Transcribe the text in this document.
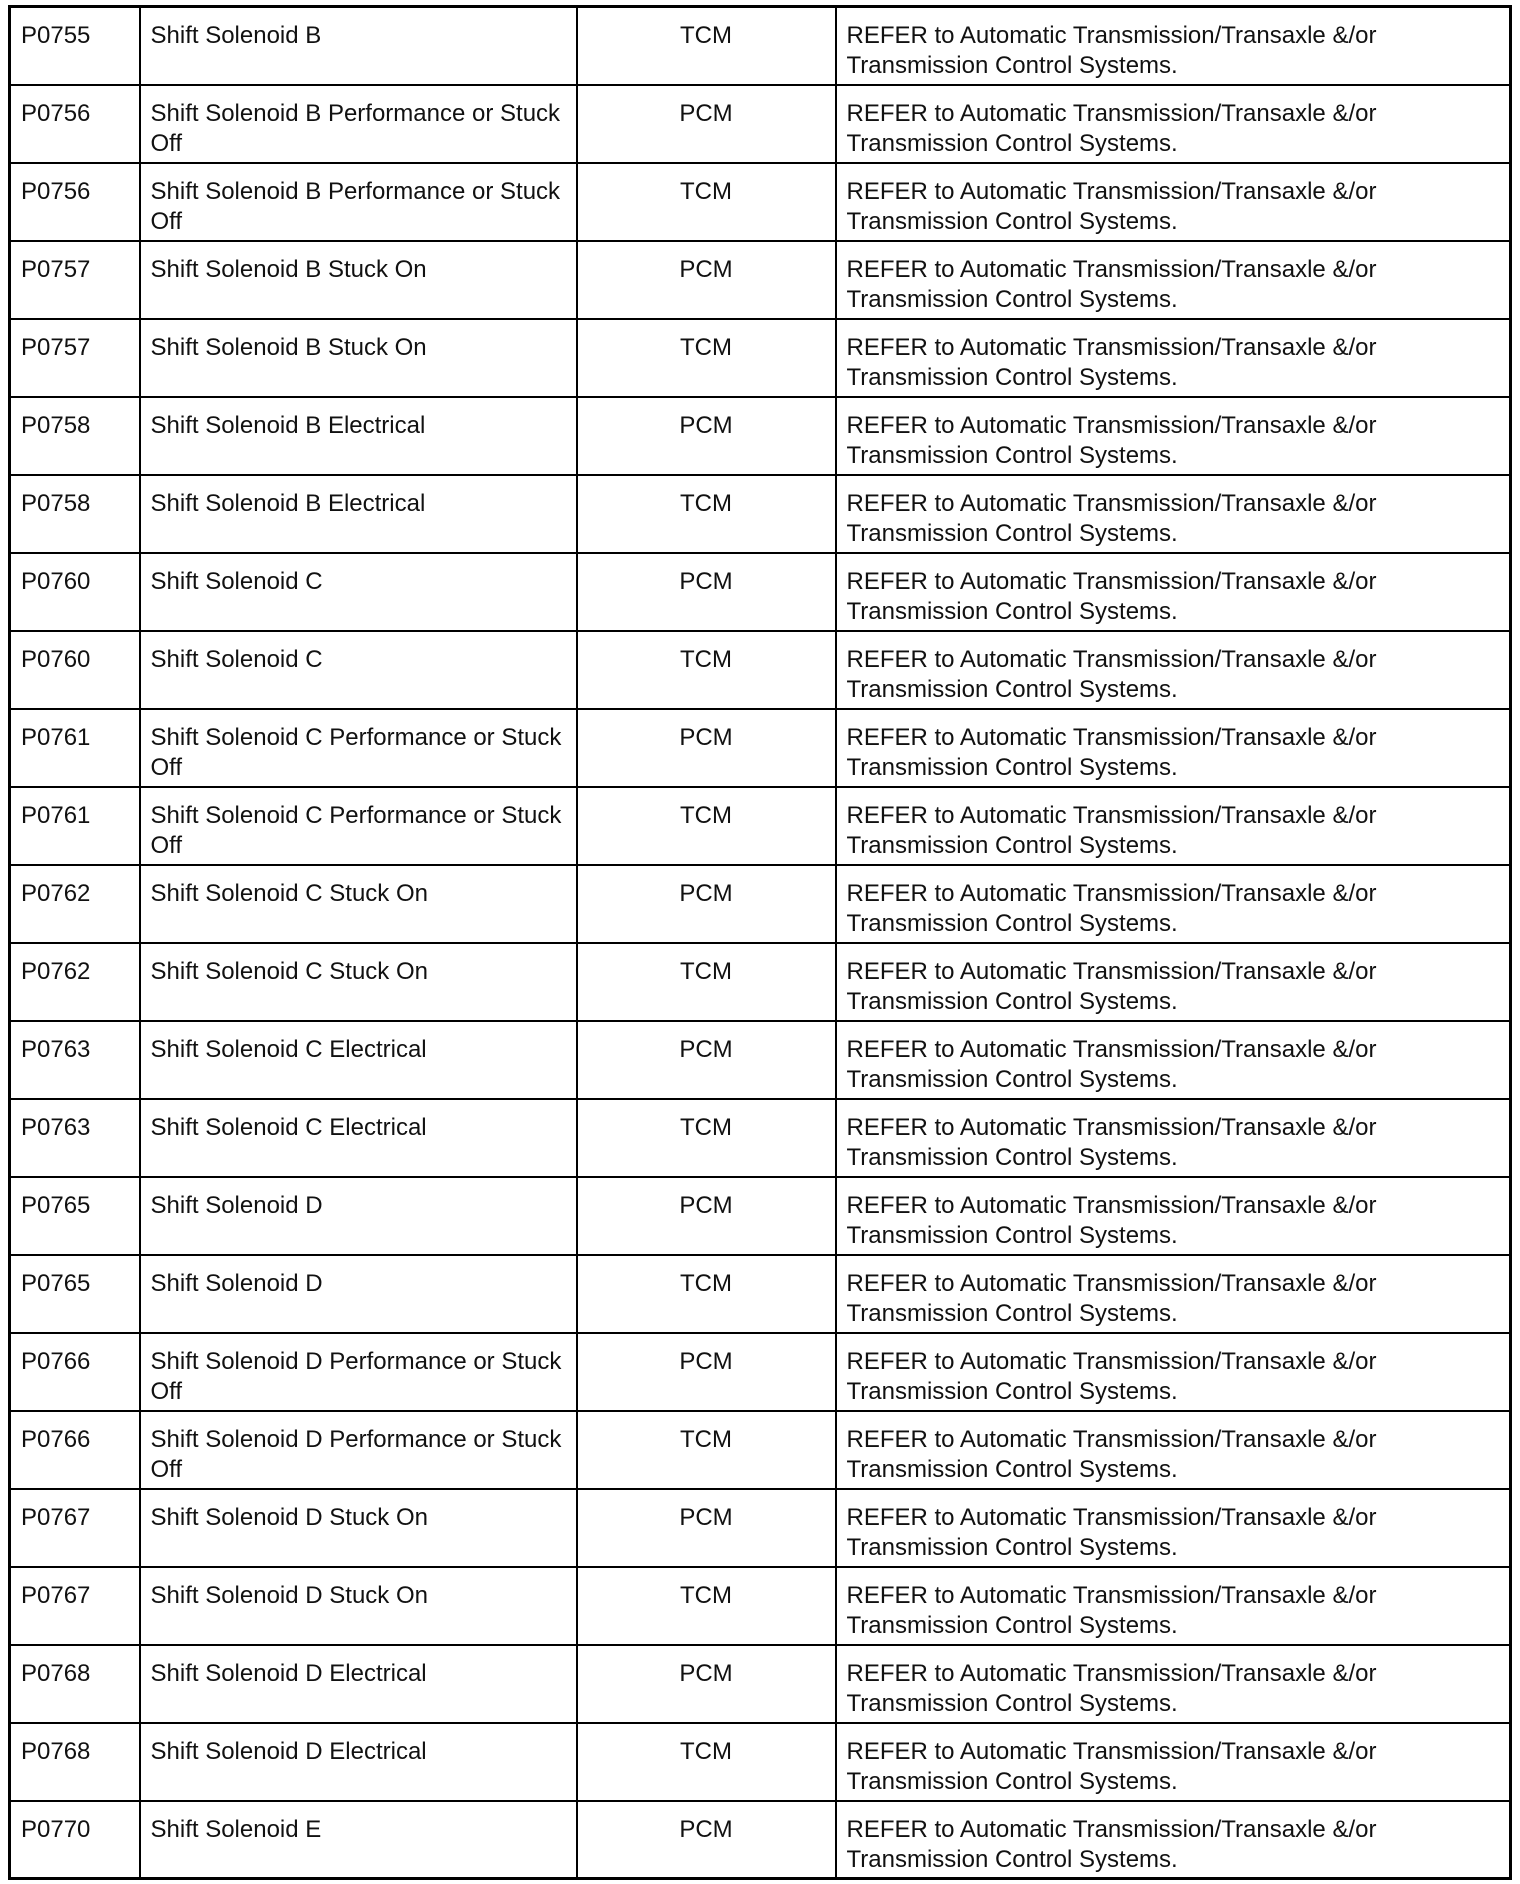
P0755	Shift Solenoid B	TCM	REFER to Automatic Transmission/Transaxle &/or Transmission Control Systems.
P0756	Shift Solenoid B Performance or Stuck Off	PCM	REFER to Automatic Transmission/Transaxle &/or Transmission Control Systems.
P0756	Shift Solenoid B Performance or Stuck Off	TCM	REFER to Automatic Transmission/Transaxle &/or Transmission Control Systems.
P0757	Shift Solenoid B Stuck On	PCM	REFER to Automatic Transmission/Transaxle &/or Transmission Control Systems.
P0757	Shift Solenoid B Stuck On	TCM	REFER to Automatic Transmission/Transaxle &/or Transmission Control Systems.
P0758	Shift Solenoid B Electrical	PCM	REFER to Automatic Transmission/Transaxle &/or Transmission Control Systems.
P0758	Shift Solenoid B Electrical	TCM	REFER to Automatic Transmission/Transaxle &/or Transmission Control Systems.
P0760	Shift Solenoid C	PCM	REFER to Automatic Transmission/Transaxle &/or Transmission Control Systems.
P0760	Shift Solenoid C	TCM	REFER to Automatic Transmission/Transaxle &/or Transmission Control Systems.
P0761	Shift Solenoid C Performance or Stuck Off	PCM	REFER to Automatic Transmission/Transaxle &/or Transmission Control Systems.
P0761	Shift Solenoid C Performance or Stuck Off	TCM	REFER to Automatic Transmission/Transaxle &/or Transmission Control Systems.
P0762	Shift Solenoid C Stuck On	PCM	REFER to Automatic Transmission/Transaxle &/or Transmission Control Systems.
P0762	Shift Solenoid C Stuck On	TCM	REFER to Automatic Transmission/Transaxle &/or Transmission Control Systems.
P0763	Shift Solenoid C Electrical	PCM	REFER to Automatic Transmission/Transaxle &/or Transmission Control Systems.
P0763	Shift Solenoid C Electrical	TCM	REFER to Automatic Transmission/Transaxle &/or Transmission Control Systems.
P0765	Shift Solenoid D	PCM	REFER to Automatic Transmission/Transaxle &/or Transmission Control Systems.
P0765	Shift Solenoid D	TCM	REFER to Automatic Transmission/Transaxle &/or Transmission Control Systems.
P0766	Shift Solenoid D Performance or Stuck Off	PCM	REFER to Automatic Transmission/Transaxle &/or Transmission Control Systems.
P0766	Shift Solenoid D Performance or Stuck Off	TCM	REFER to Automatic Transmission/Transaxle &/or Transmission Control Systems.
P0767	Shift Solenoid D Stuck On	PCM	REFER to Automatic Transmission/Transaxle &/or Transmission Control Systems.
P0767	Shift Solenoid D Stuck On	TCM	REFER to Automatic Transmission/Transaxle &/or Transmission Control Systems.
P0768	Shift Solenoid D Electrical	PCM	REFER to Automatic Transmission/Transaxle &/or Transmission Control Systems.
P0768	Shift Solenoid D Electrical	TCM	REFER to Automatic Transmission/Transaxle &/or Transmission Control Systems.
P0770	Shift Solenoid E	PCM	REFER to Automatic Transmission/Transaxle &/or Transmission Control Systems.
